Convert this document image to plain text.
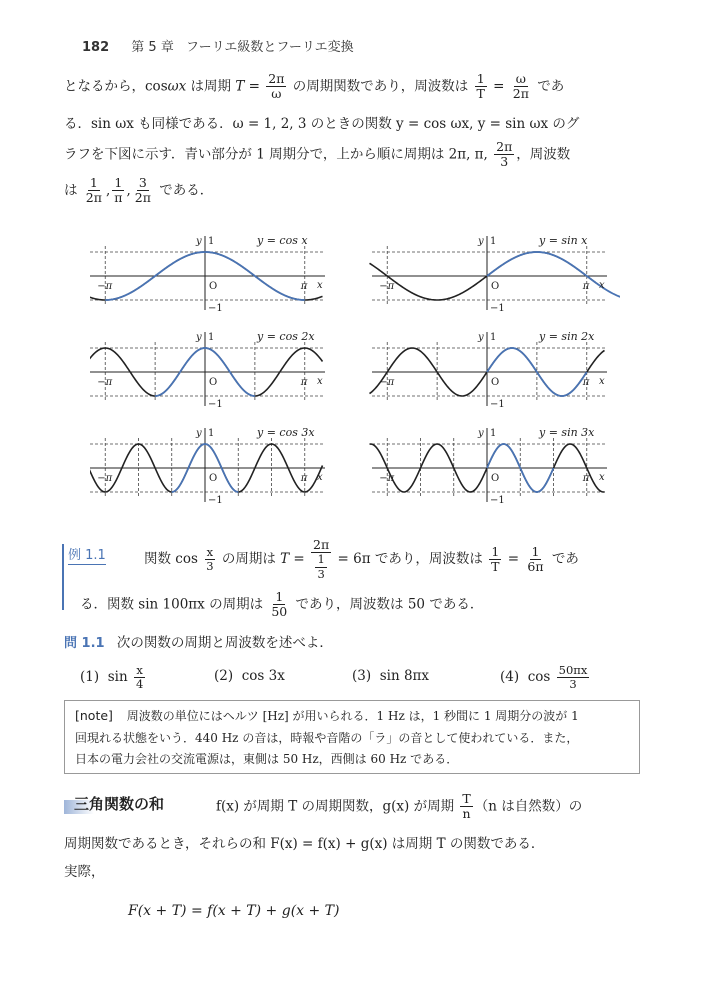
182 第 5 章 フーリエ級数とフーリエ変換
となるから，cosωx は周期 $T = \frac{2\pi}{\omega}$ の周期関数であり，周波数は $\frac{1}{T} = \frac{\omega}{2\pi}$ であ
る．sin ωx も同様である．ω = 1, 2, 3 のときの関数 y = cos ωx, y = sin ωx のグ
ラフを下図に示す．青い部分が 1 周期分で，上から順に周期は 2π, π, $\frac{2\pi}{3}$ ，周波数
は $\frac{1}{2\pi}$ , $\frac{1}{\pi}$ , $\frac{3}{2\pi}$ である．
y 1
−1
O	π
−π	x
y = cos x	y 1
−1
O	π
−π	x
y = sin x
y 1
−1
O	π
−π	x
y = cos 2x	y 1
−1
O	π
−π	x
y = sin 2x
y 1
−1
O	π
−π	x
y = cos 3x	y 1
−1
O	π
−π	x
y = sin 3x
例 1.1	関数 $\cos \frac{x}{3}$ の周期は $T = \frac{2\pi}{\frac{1}{3}} = 6\pi$ であり，周波数は $\frac{1}{T} = \frac{1}{6\pi}$ であ
る．関数 sin 100πx の周期は $\frac{1}{50}$ であり，周波数は 50 である．
問 1.1 次の関数の周期と周波数を述べよ．
(1) $\sin \frac{x}{4}$	(2) cos 3x	(3) sin 8πx	(4) $\cos \frac{50\pi x}{3}$
[note] 周波数の単位にはヘルツ [Hz] が用いられる．1 Hz は，1 秒間に 1 周期分の波が 1
回現れる状態をいう．440 Hz の音は，時報や音階の「ラ」の音として使われている．また，
日本の電力会社の交流電源は，東側は 50 Hz，西側は 60 Hz である．
三角関数の和	f(x) が周期 T の周期関数，g(x) が周期 $\frac{T}{n} (n$ は自然数）の
周期関数であるとき，それらの和 F(x) = f(x) + g(x) は周期 T の関数である．
実際，
F(x + T) = f(x + T) + g(x + T)
